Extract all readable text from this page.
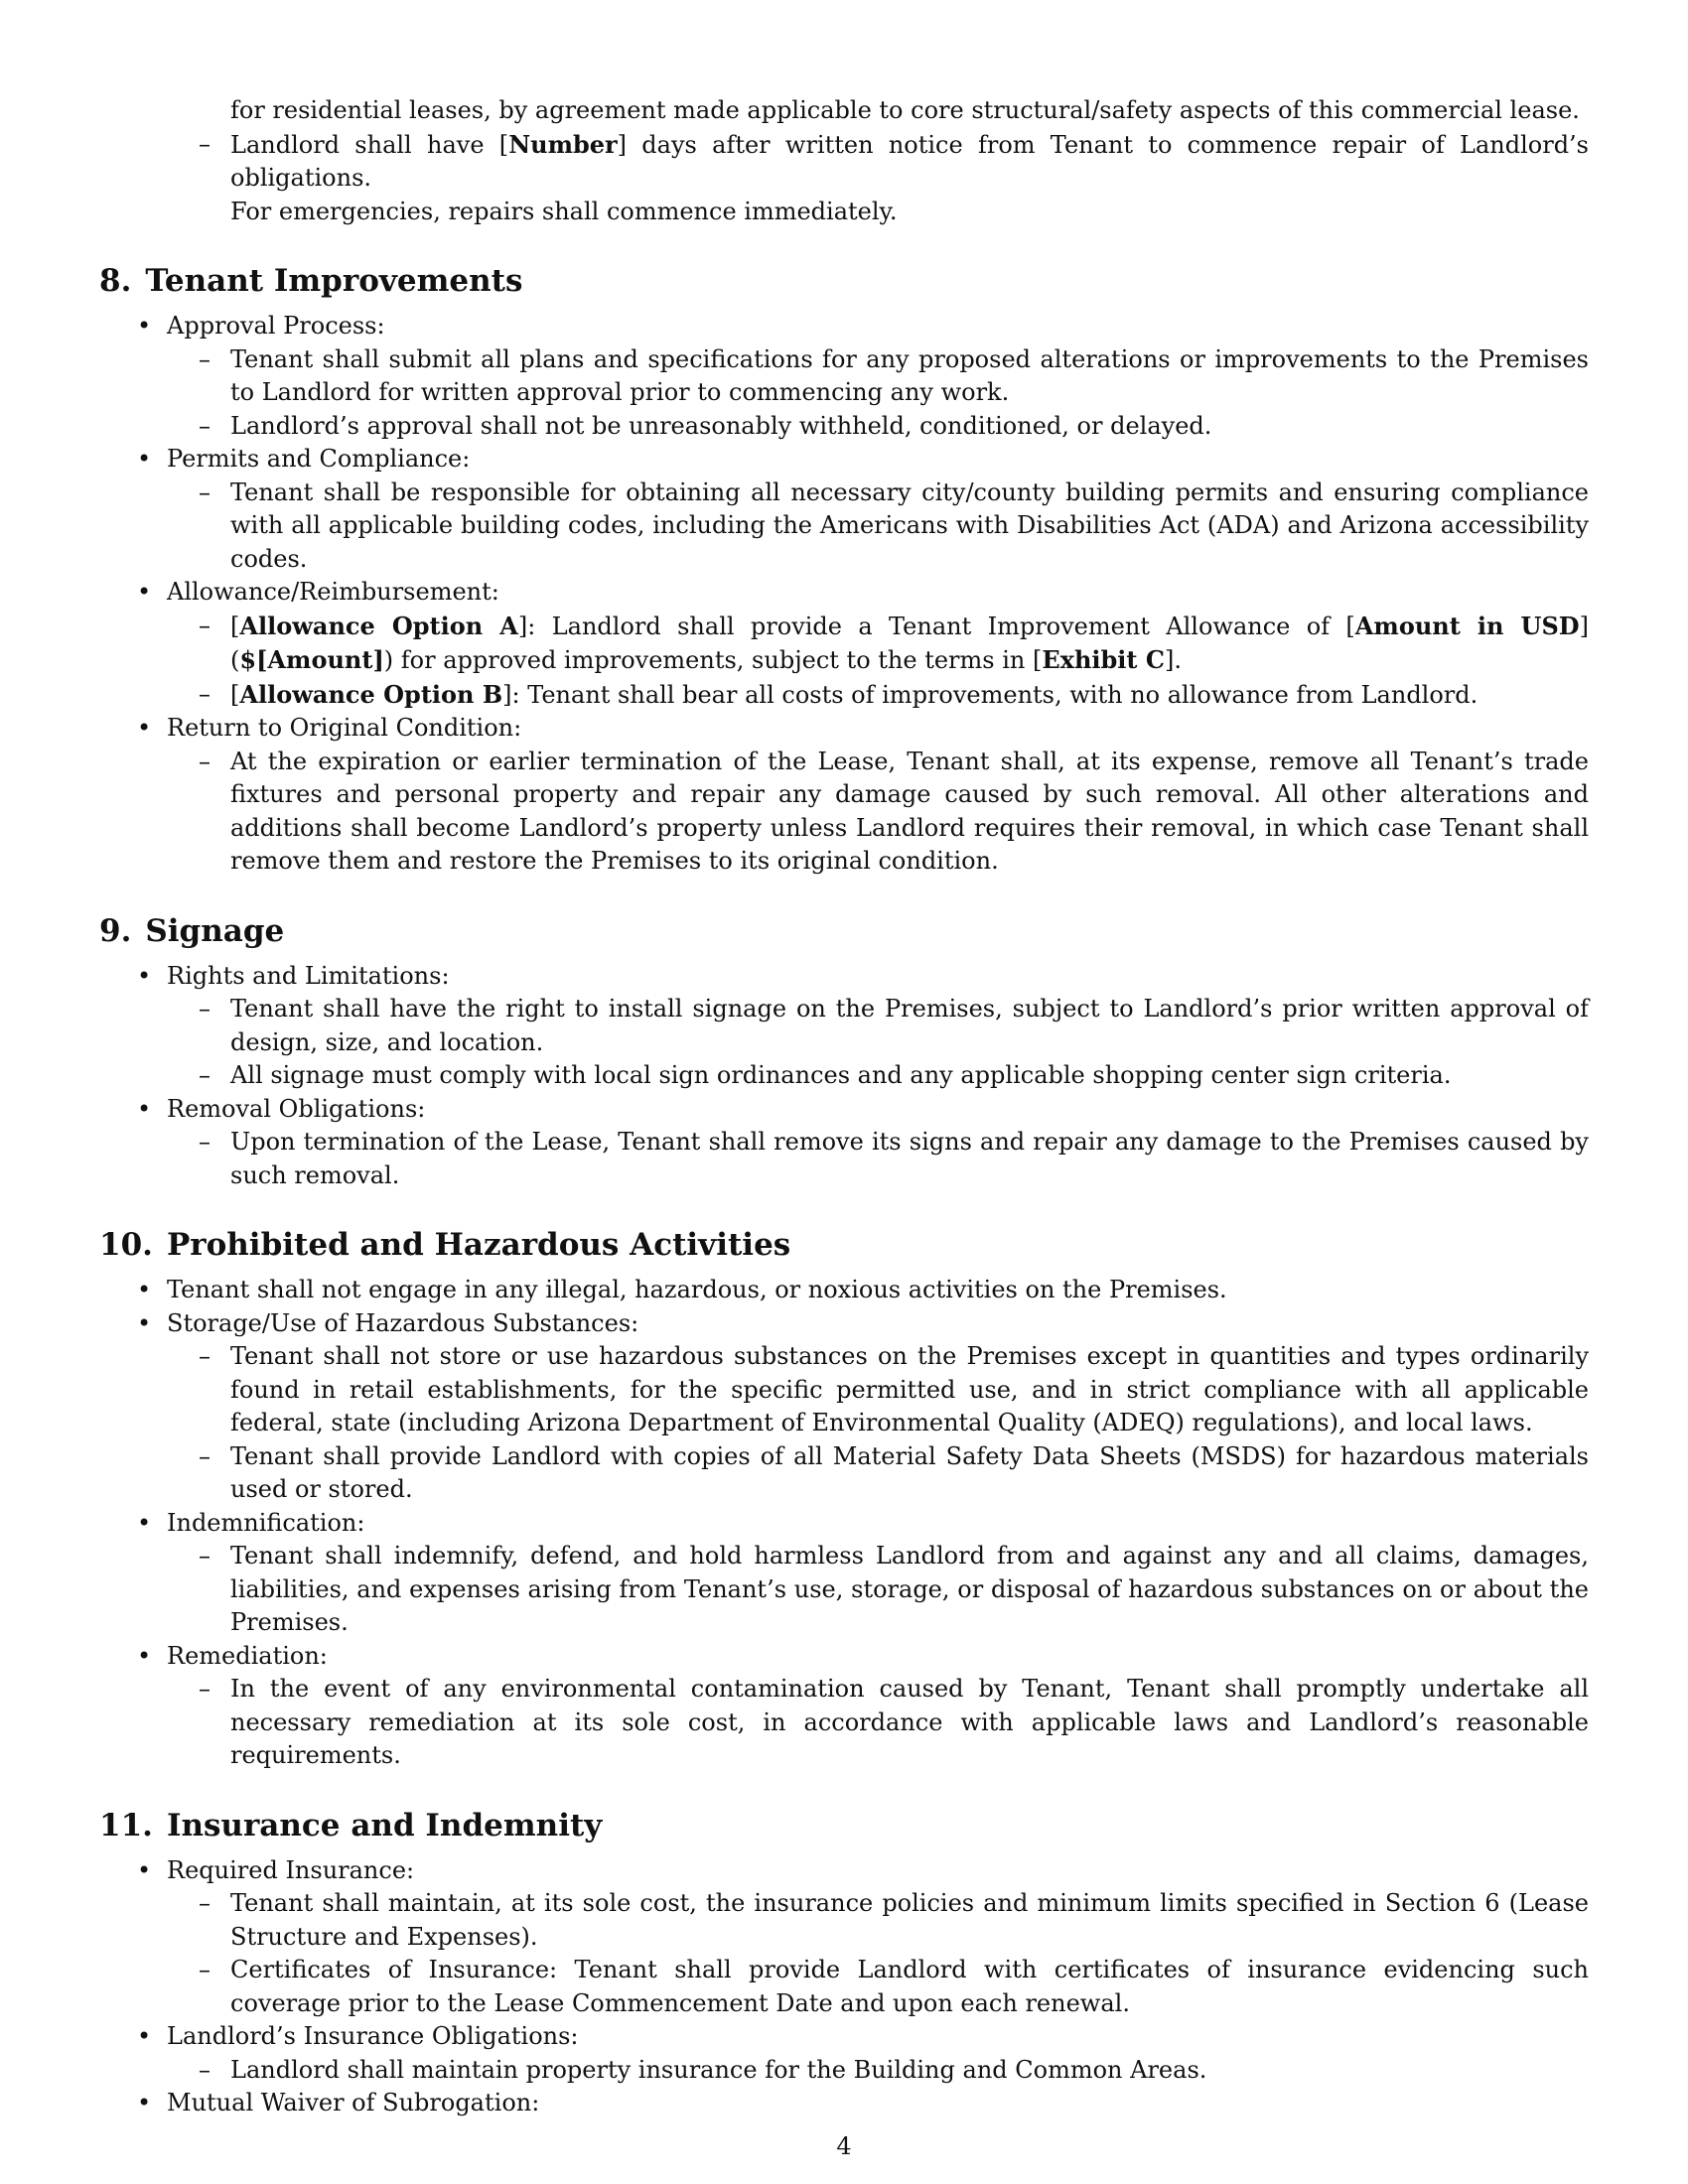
for residential leases, by agreement made applicable to core structural/safety aspects of this commercial lease.
– Landlord shall have [Number] days after written notice from Tenant to commence repair of Landlord’s obligations.
For emergencies, repairs shall commence immediately.
8. Tenant Improvements
• Approval Process:
– Tenant shall submit all plans and specifications for any proposed alterations or improvements to the Premises to Landlord for written approval prior to commencing any work.
– Landlord’s approval shall not be unreasonably withheld, conditioned, or delayed.
• Permits and Compliance:
– Tenant shall be responsible for obtaining all necessary city/county building permits and ensuring compliance with all applicable building codes, including the Americans with Disabilities Act (ADA) and Arizona accessibility codes.
• Allowance/Reimbursement:
– [Allowance Option A]: Landlord shall provide a Tenant Improvement Allowance of [Amount in USD] ($[Amount]) for approved improvements, subject to the terms in [Exhibit C].
– [Allowance Option B]: Tenant shall bear all costs of improvements, with no allowance from Landlord.
• Return to Original Condition:
– At the expiration or earlier termination of the Lease, Tenant shall, at its expense, remove all Tenant’s trade fixtures and personal property and repair any damage caused by such removal. All other alterations and additions shall become Landlord’s property unless Landlord requires their removal, in which case Tenant shall remove them and restore the Premises to its original condition.
9. Signage
• Rights and Limitations:
– Tenant shall have the right to install signage on the Premises, subject to Landlord’s prior written approval of design, size, and location.
– All signage must comply with local sign ordinances and any applicable shopping center sign criteria.
• Removal Obligations:
– Upon termination of the Lease, Tenant shall remove its signs and repair any damage to the Premises caused by such removal.
10. Prohibited and Hazardous Activities
• Tenant shall not engage in any illegal, hazardous, or noxious activities on the Premises.
• Storage/Use of Hazardous Substances:
– Tenant shall not store or use hazardous substances on the Premises except in quantities and types ordinarily found in retail establishments, for the specific permitted use, and in strict compliance with all applicable federal, state (including Arizona Department of Environmental Quality (ADEQ) regulations), and local laws.
– Tenant shall provide Landlord with copies of all Material Safety Data Sheets (MSDS) for hazardous materials used or stored.
• Indemnification:
– Tenant shall indemnify, defend, and hold harmless Landlord from and against any and all claims, damages, liabilities, and expenses arising from Tenant’s use, storage, or disposal of hazardous substances on or about the Premises.
• Remediation:
– In the event of any environmental contamination caused by Tenant, Tenant shall promptly undertake all necessary remediation at its sole cost, in accordance with applicable laws and Landlord’s reasonable requirements.
11. Insurance and Indemnity
• Required Insurance:
– Tenant shall maintain, at its sole cost, the insurance policies and minimum limits specified in Section 6 (Lease Structure and Expenses).
– Certificates of Insurance: Tenant shall provide Landlord with certificates of insurance evidencing such coverage prior to the Lease Commencement Date and upon each renewal.
• Landlord’s Insurance Obligations:
– Landlord shall maintain property insurance for the Building and Common Areas.
• Mutual Waiver of Subrogation:
4
